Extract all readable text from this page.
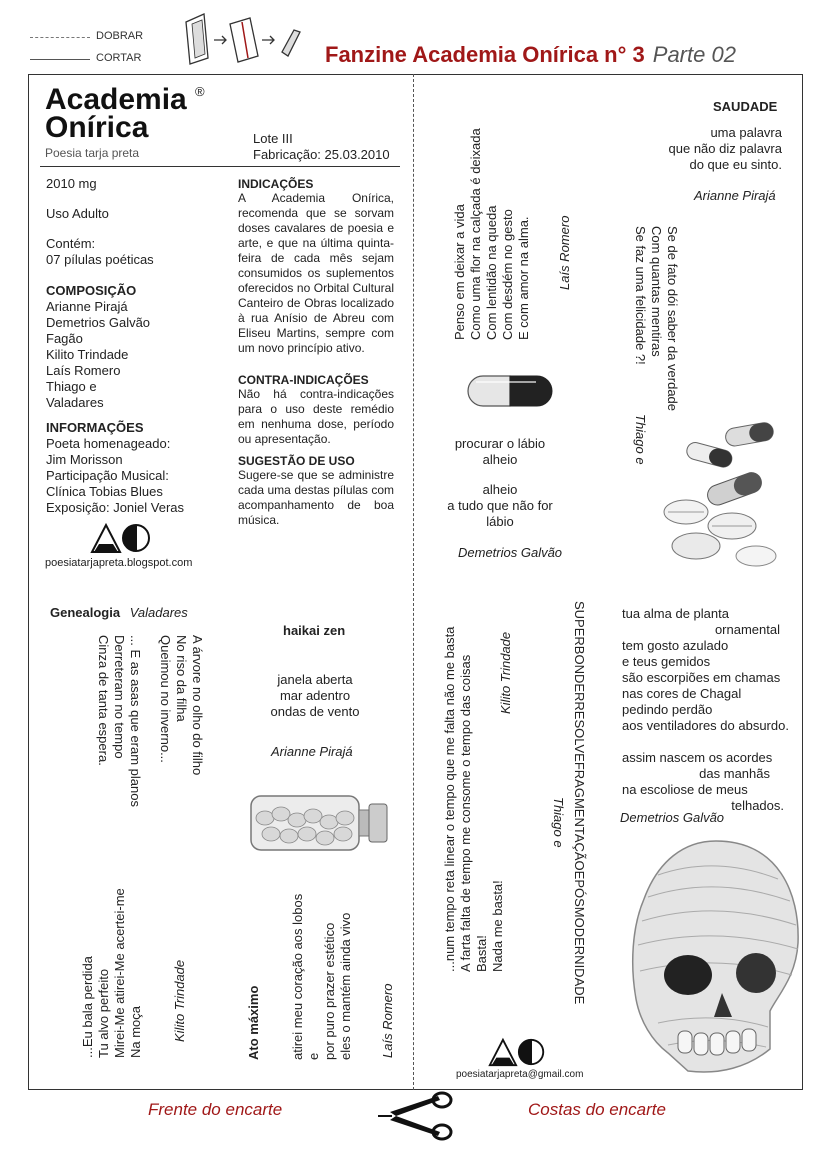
DOBRAR
CORTAR	Fanzine Academia Onírica n° 3 Parte 02
Academia
Onírica
®
Poesia tarja preta
Lote III
Fabricação: 25.03.2010
2010 mg
Uso Adulto
Contém:
07 pílulas poéticas
COMPOSIÇÃO
Arianne Pirajá
Demetrios Galvão
Fagão
Kilito Trindade
Laís Romero
Thiago e
Valadares
INFORMAÇÕES
Poeta homenageado:
Jim Morisson
Participação Musical:
Clínica Tobias Blues
Exposição: Joniel Veras
poesiatarjapreta.blogspot.com
INDICAÇÕES
A Academia Onírica, recomenda que se sorvam doses cavalares de poesia e arte, e que na última quinta-feira de cada mês sejam consumidos os suplementos oferecidos no Orbital Cultural Canteiro de Obras localizado à rua Anísio de Abreu com Eliseu Martins, sempre com um novo princípio ativo.
CONTRA-INDICAÇÕES
Não há contra-indicações para o uso deste remédio em nenhuma dose, período ou apresentação.
SUGESTÃO DE USO
Sugere-se que se administre cada uma destas pílulas com acompanhamento de boa música.
Genealogia Valadares
A árvore no olho do filho
No riso da filha
Queimou no inverno...
... E as asas que eram planos
Derreteram no tempo
Cinza de tanta espera.
haikai zen
janela aberta
mar adentro
ondas de vento
Arianne Pirajá
...Eu bala perdida
Tu alvo perfeito
Mirei-Me atirei-Me acertei-me
Na moça Kilito Trindade	Ato máximo atirei meu coração aos lobos
e
por puro prazer estético
eles o mantém ainda vivo
Laís Romero
Penso em deixar a vida
Como uma flor na calçada é deixada
Com lentidão na queda
Com desdém no gesto
E com amor na alma. Laís Romero
procurar o lábio
alheio
alheio
a tudo que não for
lábio
Demetrios Galvão
SAUDADE
uma palavra
que não diz palavra
do que eu sinto.
Arianne Pirajá
Se de fato dói saber da verdade
Com quantas mentiras
Se faz uma felicidade ?!
Thiago e
...num tempo reta linear o tempo que me falta não me basta
A farta falta de tempo me consome o tempo das coisas
Basta!
Nada me basta!
Kilito Trindade	SUPERBONDERRESOLVEFRAGMENTAÇÃOEPÓSMODERNIDADE
Thiago e
tua alma de planta
ornamental
tem gosto azulado
e teus gemidos
são escorpiões em chamas
nas cores de Chagal
pedindo perdão
aos ventiladores do absurdo.
assim nascem os acordes
das manhãs
na escoliose de meus
telhados.
Demetrios Galvão
poesiatarjapreta@gmail.com
Frente do encarte	Costas do encarte
